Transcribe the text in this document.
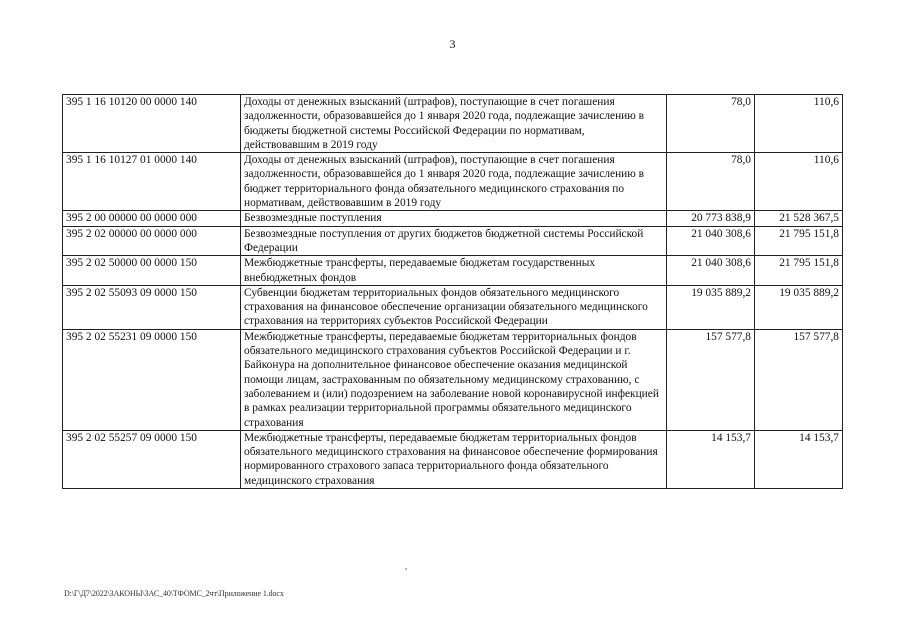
3
395 1 16 10120 00 0000 140	Доходы от денежных взысканий (штрафов), поступающие в счет погашения задолженности, образовавшейся до 1 января 2020 года, подлежащие зачислению в бюджеты бюджетной системы Российской Федерации по нормативам, действовавшим в 2019 году	78,0	110,6
395 1 16 10127 01 0000 140	Доходы от денежных взысканий (штрафов), поступающие в счет погашения задолженности, образовавшейся до 1 января 2020 года, подлежащие зачислению в бюджет территориального фонда обязательного медицинского страхования по нормативам, действовавшим в 2019 году	78,0	110,6
395 2 00 00000 00 0000 000	Безвозмездные поступления	20 773 838,9	21 528 367,5
395 2 02 00000 00 0000 000	Безвозмездные поступления от других бюджетов бюджетной системы Российской Федерации	21 040 308,6	21 795 151,8
395 2 02 50000 00 0000 150	Межбюджетные трансферты, передаваемые бюджетам государственных внебюджетных фондов	21 040 308,6	21 795 151,8
395 2 02 55093 09 0000 150	Субвенции бюджетам территориальных фондов обязательного медицинского страхования на финансовое обеспечение организации обязательного медицинского страхования на территориях субъектов Российской Федерации	19 035 889,2	19 035 889,2
395 2 02 55231 09 0000 150	Межбюджетные трансферты, передаваемые бюджетам территориальных фондов обязательного медицинского страхования субъектов Российской Федерации и г. Байконура на дополнительное финансовое обеспечение оказания медицинской помощи лицам, застрахованным по обязательному медицинскому страхованию, с заболеванием и (или) подозрением на заболевание новой коронавирусной инфекцией в рамках реализации территориальной программы обязательного медицинского страхования	157 577,8	157 577,8
395 2 02 55257 09 0000 150	Межбюджетные трансферты, передаваемые бюджетам территориальных фондов обязательного медицинского страхования на финансовое обеспечение формирования нормированного страхового запаса территориального фонда обязательного медицинского страхования	14 153,7	14 153,7
D:\Г\Д7\2022\ЗАКОНЫ\ЗАС_40\ТФОМС_2чт\Приложение 1.docx
